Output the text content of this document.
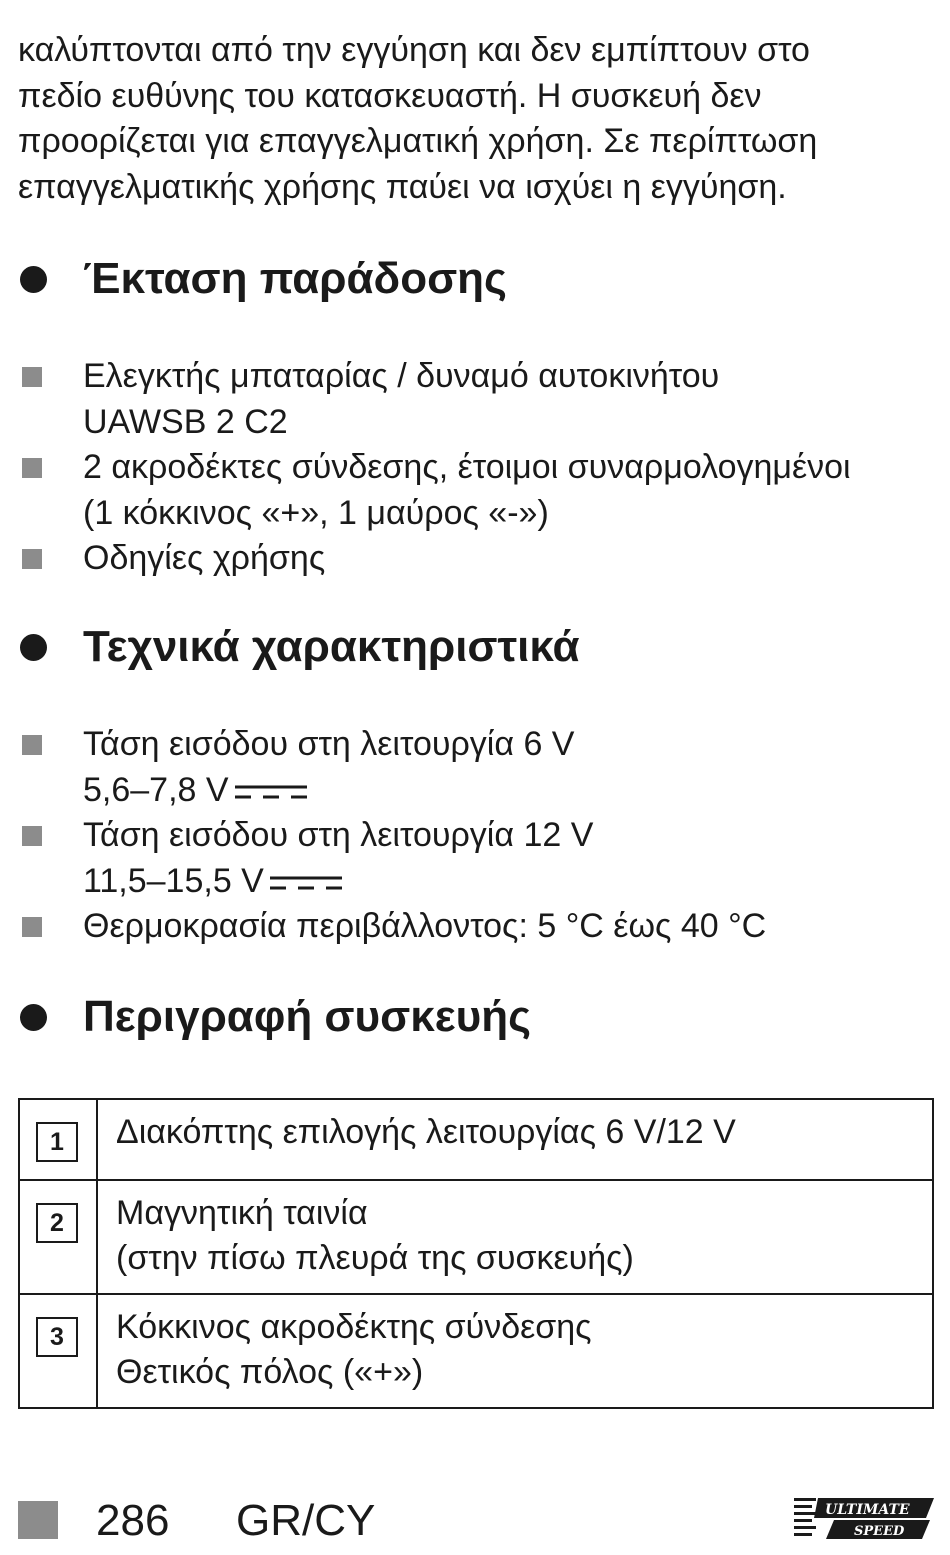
καλύπτονται από την εγγύηση και δεν εμπίπτουν στο
πεδίο ευθύνης του κατασκευαστή. Η συσκευή δεν
προορίζεται για επαγγελματική χρήση. Σε περίπτωση
επαγγελματικής χρήσης παύει να ισχύει η εγγύηση.

Έκταση παράδοσης
Ελεγκτής μπαταρίας / δυναμό αυτοκινήτου
UAWSB 2 C2
2 ακροδέκτες σύνδεσης, έτοιμοι συναρμολογημένοι
(1 κόκκινος «+», 1 μαύρος «-»)
Οδηγίες χρήσης
Τεχνικά χαρακτηριστικά
Τάση εισόδου στη λειτουργία 6 V
5,6–7,8 V
Τάση εισόδου στη λειτουργία 12 V
11,5–15,5 V
Θερμοκρασία περιβάλλοντος: 5 °C έως 40 °C
Περιγραφή συσκευής
1	Διακόπτης επιλογής λειτουργίας 6 V/12 V

2	Μαγνητική ταινία
(στην πίσω πλευρά της συσκευής)

3	Κόκκινος ακροδέκτης σύνδεσης
Θετικός πόλος («+»)
286 GR/CY	ULTIMATE
SPEED
